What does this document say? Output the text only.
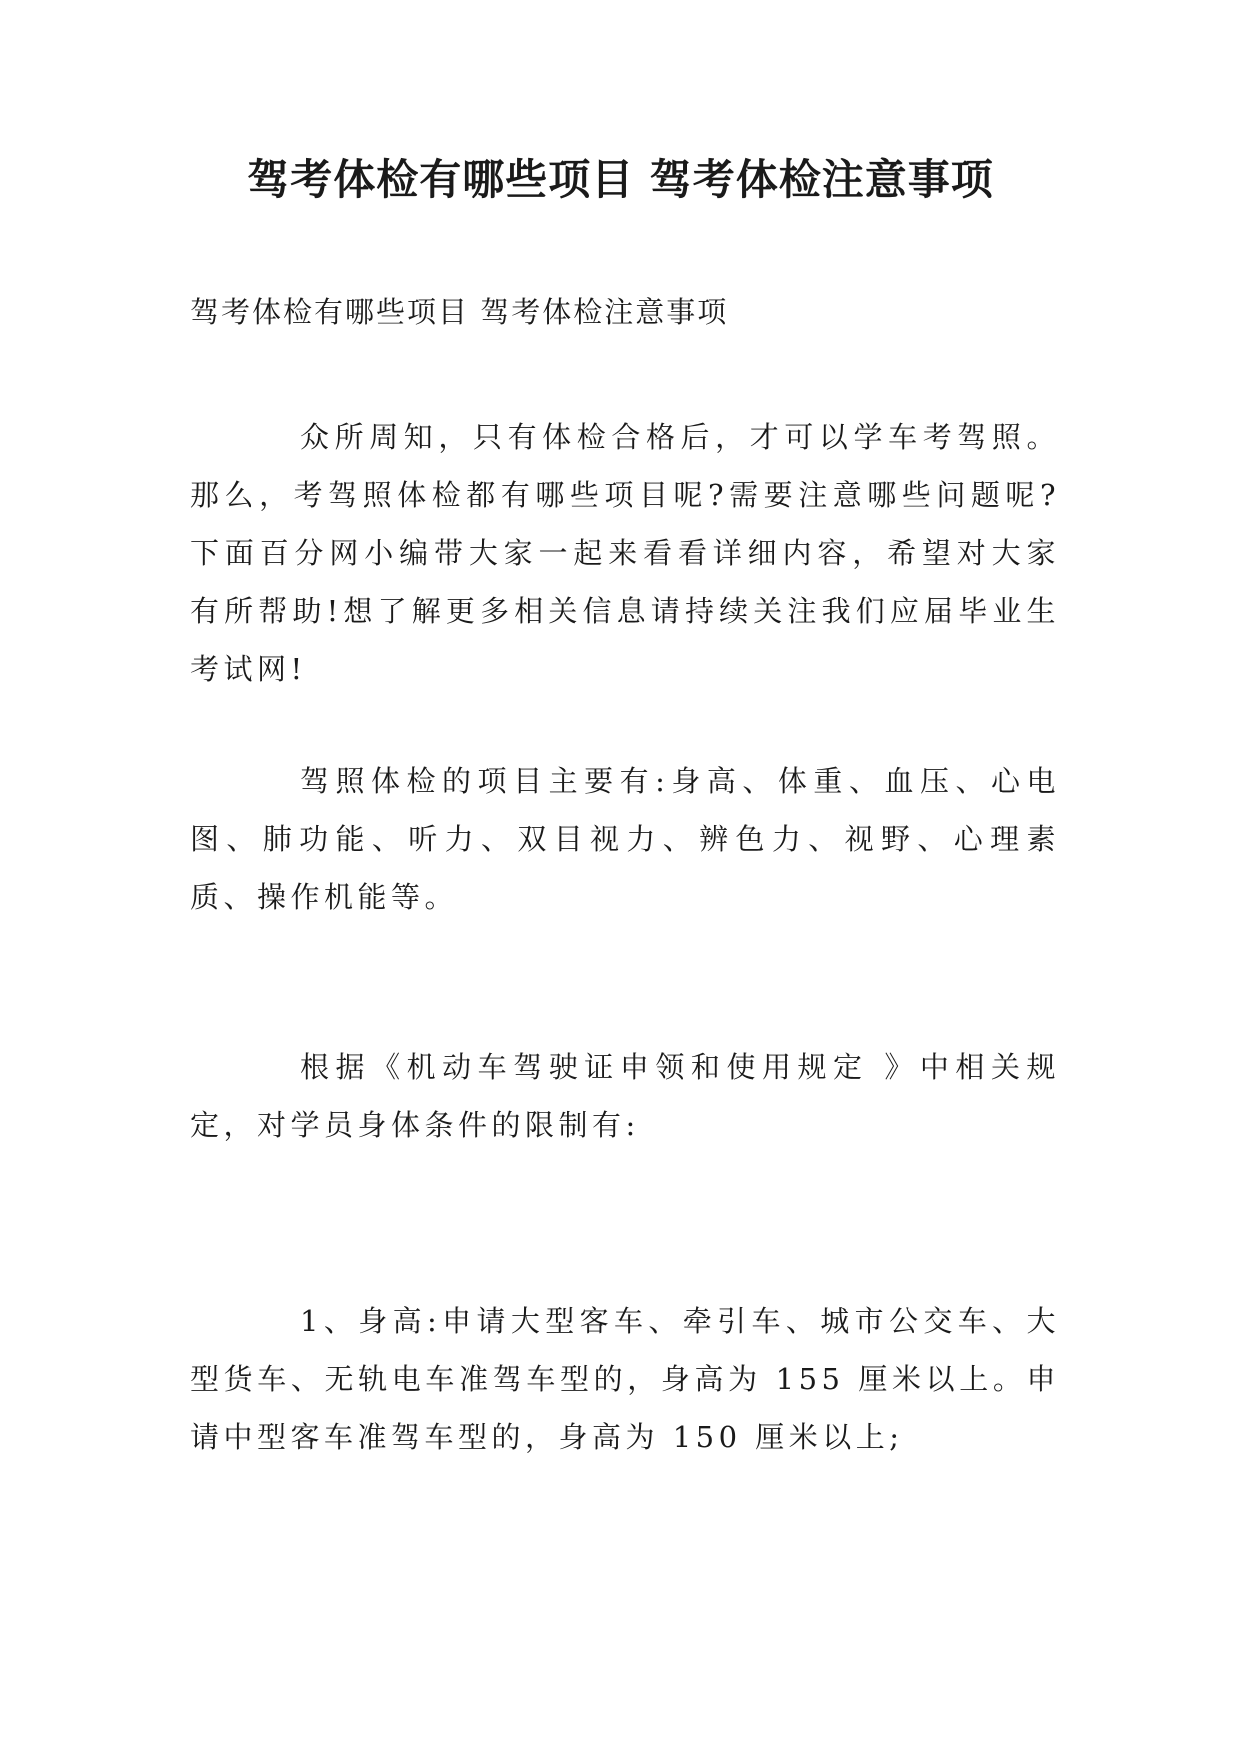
驾考体检有哪些项目 驾考体检注意事项

驾考体检有哪些项目 驾考体检注意事项

众所周知，只有体检合格后，才可以学车考驾照。那么，考驾照体检都有哪些项目呢?需要注意哪些问题呢?下面百分网小编带大家一起来看看详细内容，希望对大家有所帮助!想了解更多相关信息请持续关注我们应届毕业生考试网!

驾照体检的项目主要有:身高、体重、血压、心电图、肺功能、听力、双目视力、辨色力、视野、心理素质、操作机能等。

根据《机动车驾驶证申领和使用规定 》中相关规定，对学员身体条件的限制有:

1、身高:申请大型客车、牵引车、城市公交车、大型货车、无轨电车准驾车型的，身高为 155 厘米以上。申请中型客车准驾车型的，身高为 150 厘米以上;
